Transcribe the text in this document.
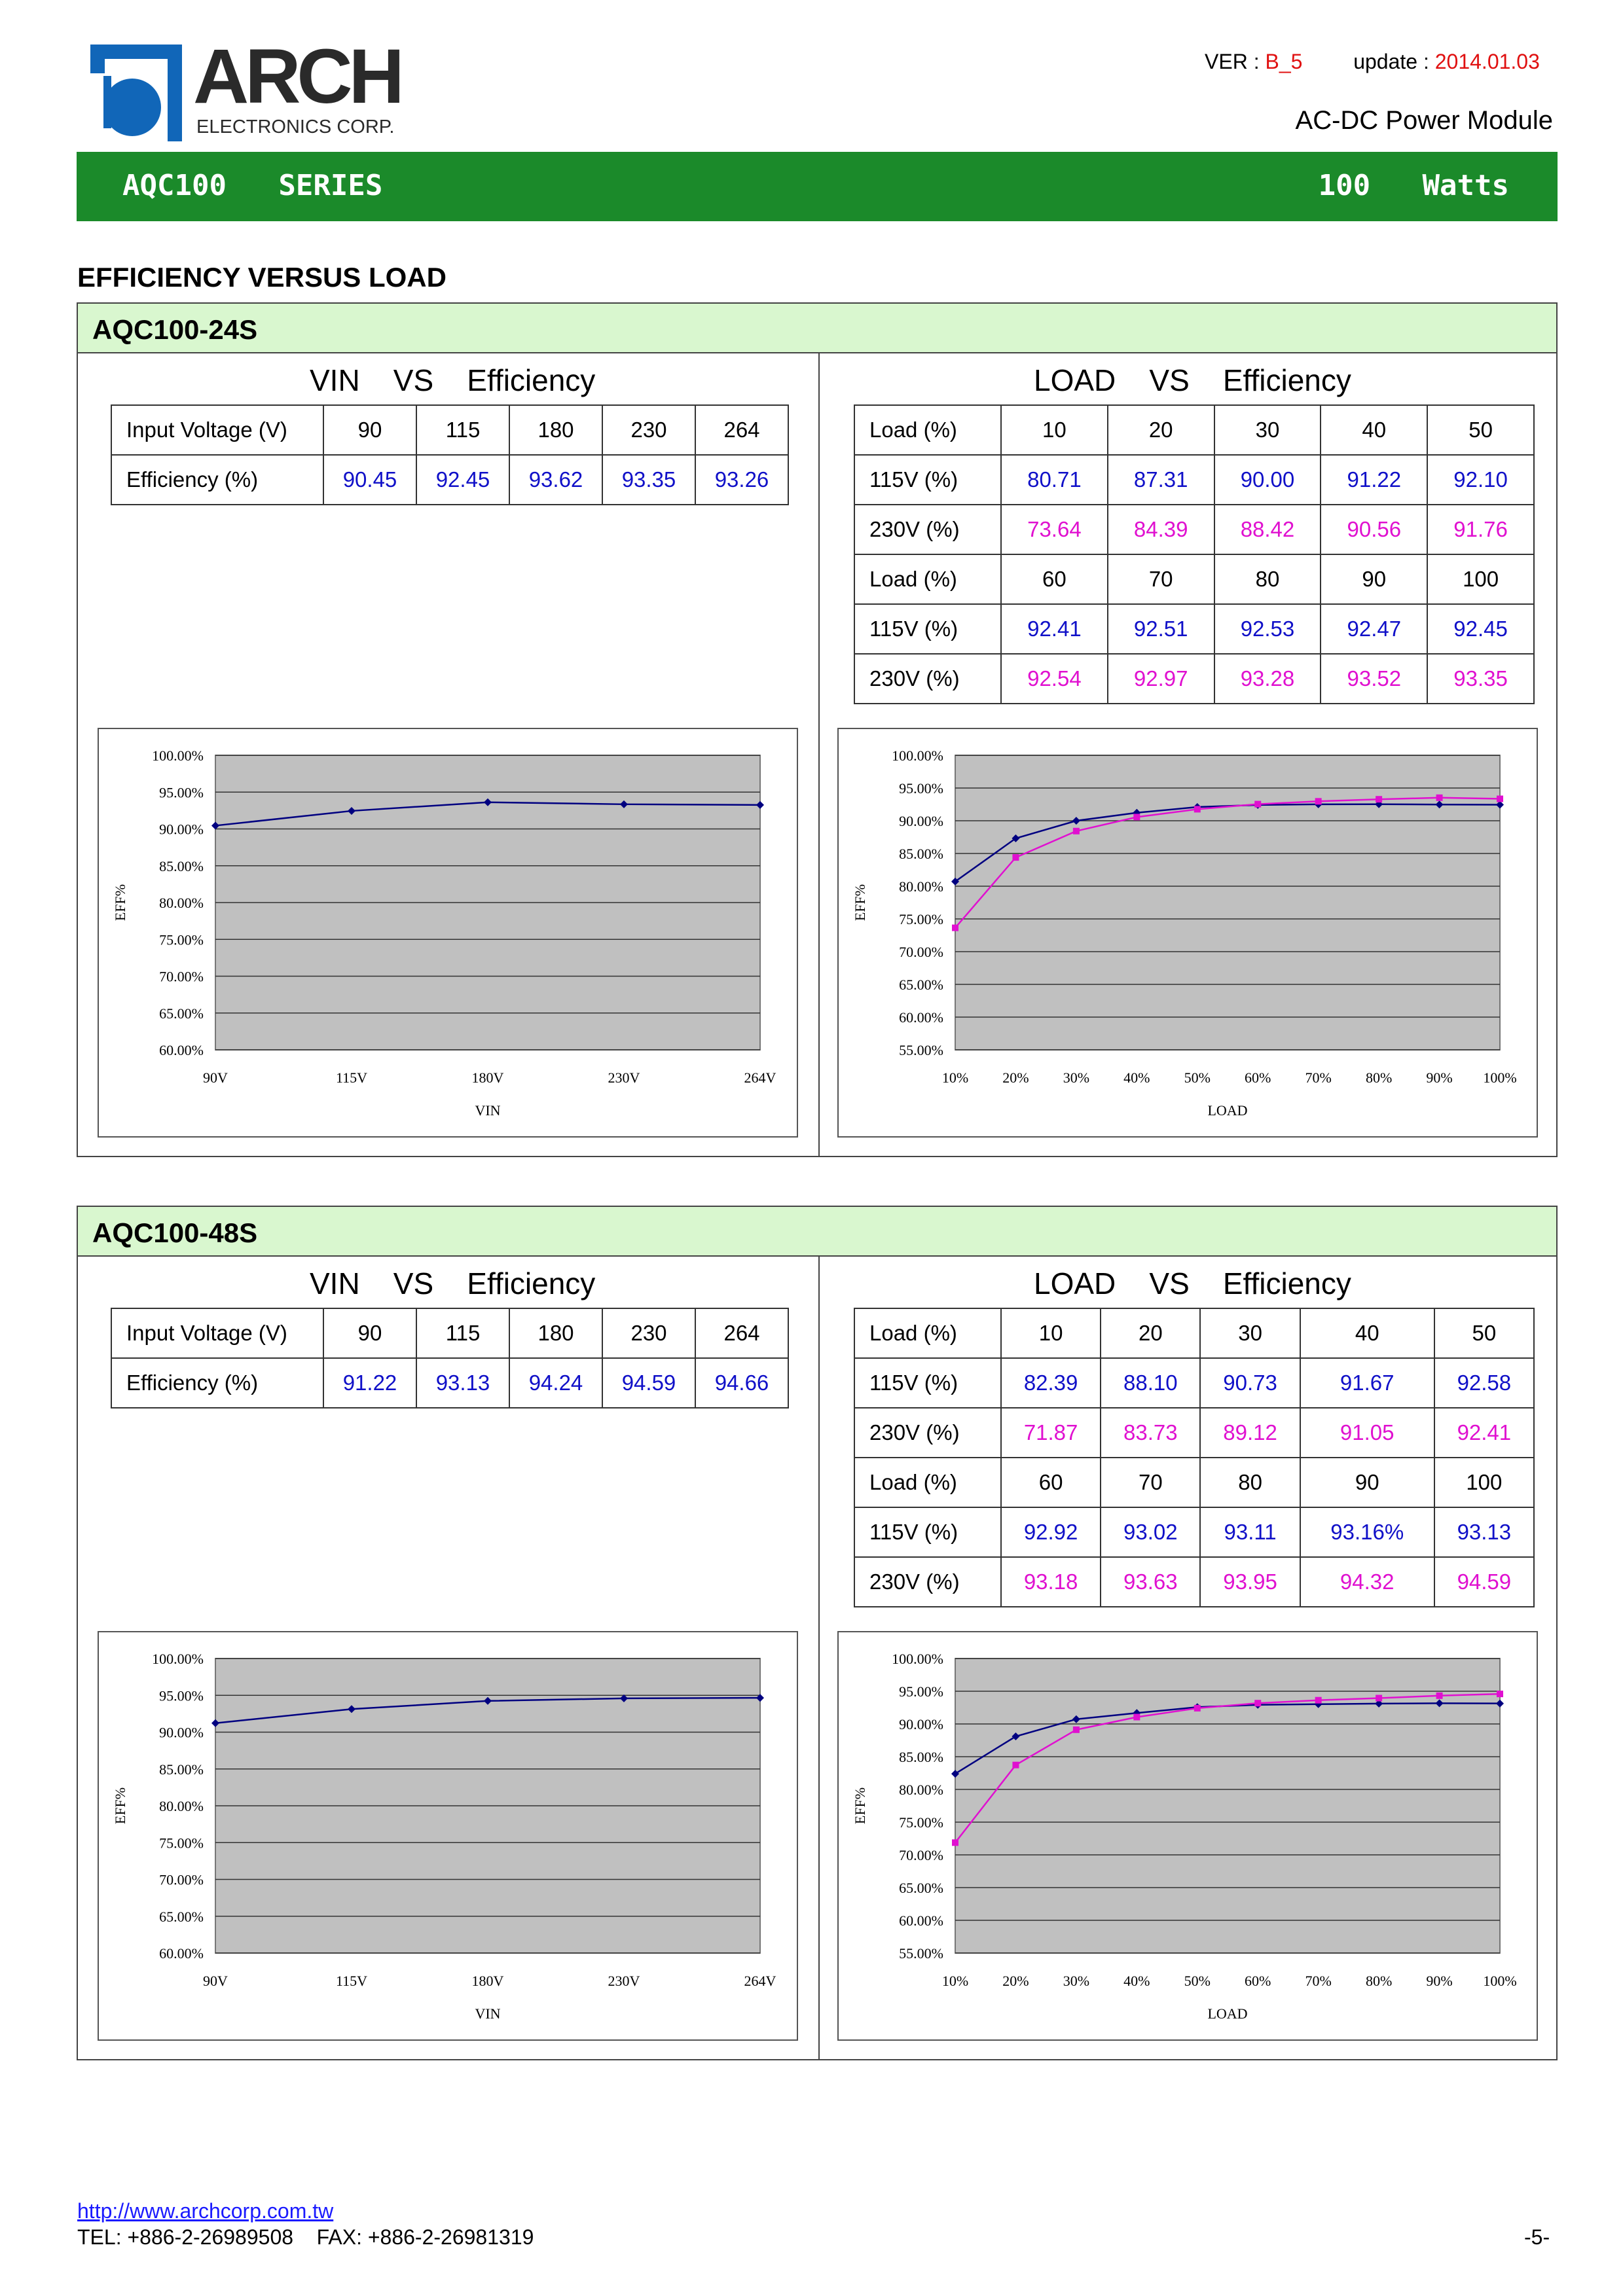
ARCH
ELECTRONICS CORP.
VER : B_5 update : 2014.01.03
AC-DC Power Module
AQC100   SERIES	100   Watts
EFFICIENCY VERSUS LOAD
AQC100-24S
VIN    VS    Efficiency	LOAD    VS    Efficiency
Input Voltage (V)	90	115	180	230	264
Efficiency (%)	90.45	92.45	93.62	93.35	93.26
Load (%)	10	20	30	40	50
115V (%)	80.71	87.31	90.00	91.22	92.10
230V (%)	73.64	84.39	88.42	90.56	91.76
Load (%)	60	70	80	90	100
115V (%)	92.41	92.51	92.53	92.47	92.45
230V (%)	92.54	92.97	93.28	93.52	93.35
60.00%
65.00%
70.00%
75.00%
80.00%
85.00%
90.00%
95.00%
100.00%
90V	115V	180V	230V	264V
VIN
EFF%
55.00%
60.00%
65.00%
70.00%
75.00%
80.00%
85.00%
90.00%
95.00%
100.00%
10% 20% 30% 40% 50% 60% 70% 80% 90% 100%
LOAD
EFF%
AQC100-48S
VIN    VS    Efficiency	LOAD    VS    Efficiency
Input Voltage (V)	90	115	180	230	264
Efficiency (%)	91.22	93.13	94.24	94.59	94.66
Load (%)	10	20	30	40	50
115V (%)	82.39	88.10	90.73	91.67	92.58
230V (%)	71.87	83.73	89.12	91.05	92.41
Load (%)	60	70	80	90	100
115V (%)	92.92	93.02	93.11	93.16%	93.13
230V (%)	93.18	93.63	93.95	94.32	94.59
60.00%
65.00%
70.00%
75.00%
80.00%
85.00%
90.00%
95.00%
100.00%
90V	115V	180V	230V	264V
VIN
EFF%
55.00%
60.00%
65.00%
70.00%
75.00%
80.00%
85.00%
90.00%
95.00%
100.00%
10% 20% 30% 40% 50% 60% 70% 80% 90% 100%
LOAD
EFF%
http://www.archcorp.com.tw
TEL: +886-2-26989508    FAX: +886-2-26981319	-5-
